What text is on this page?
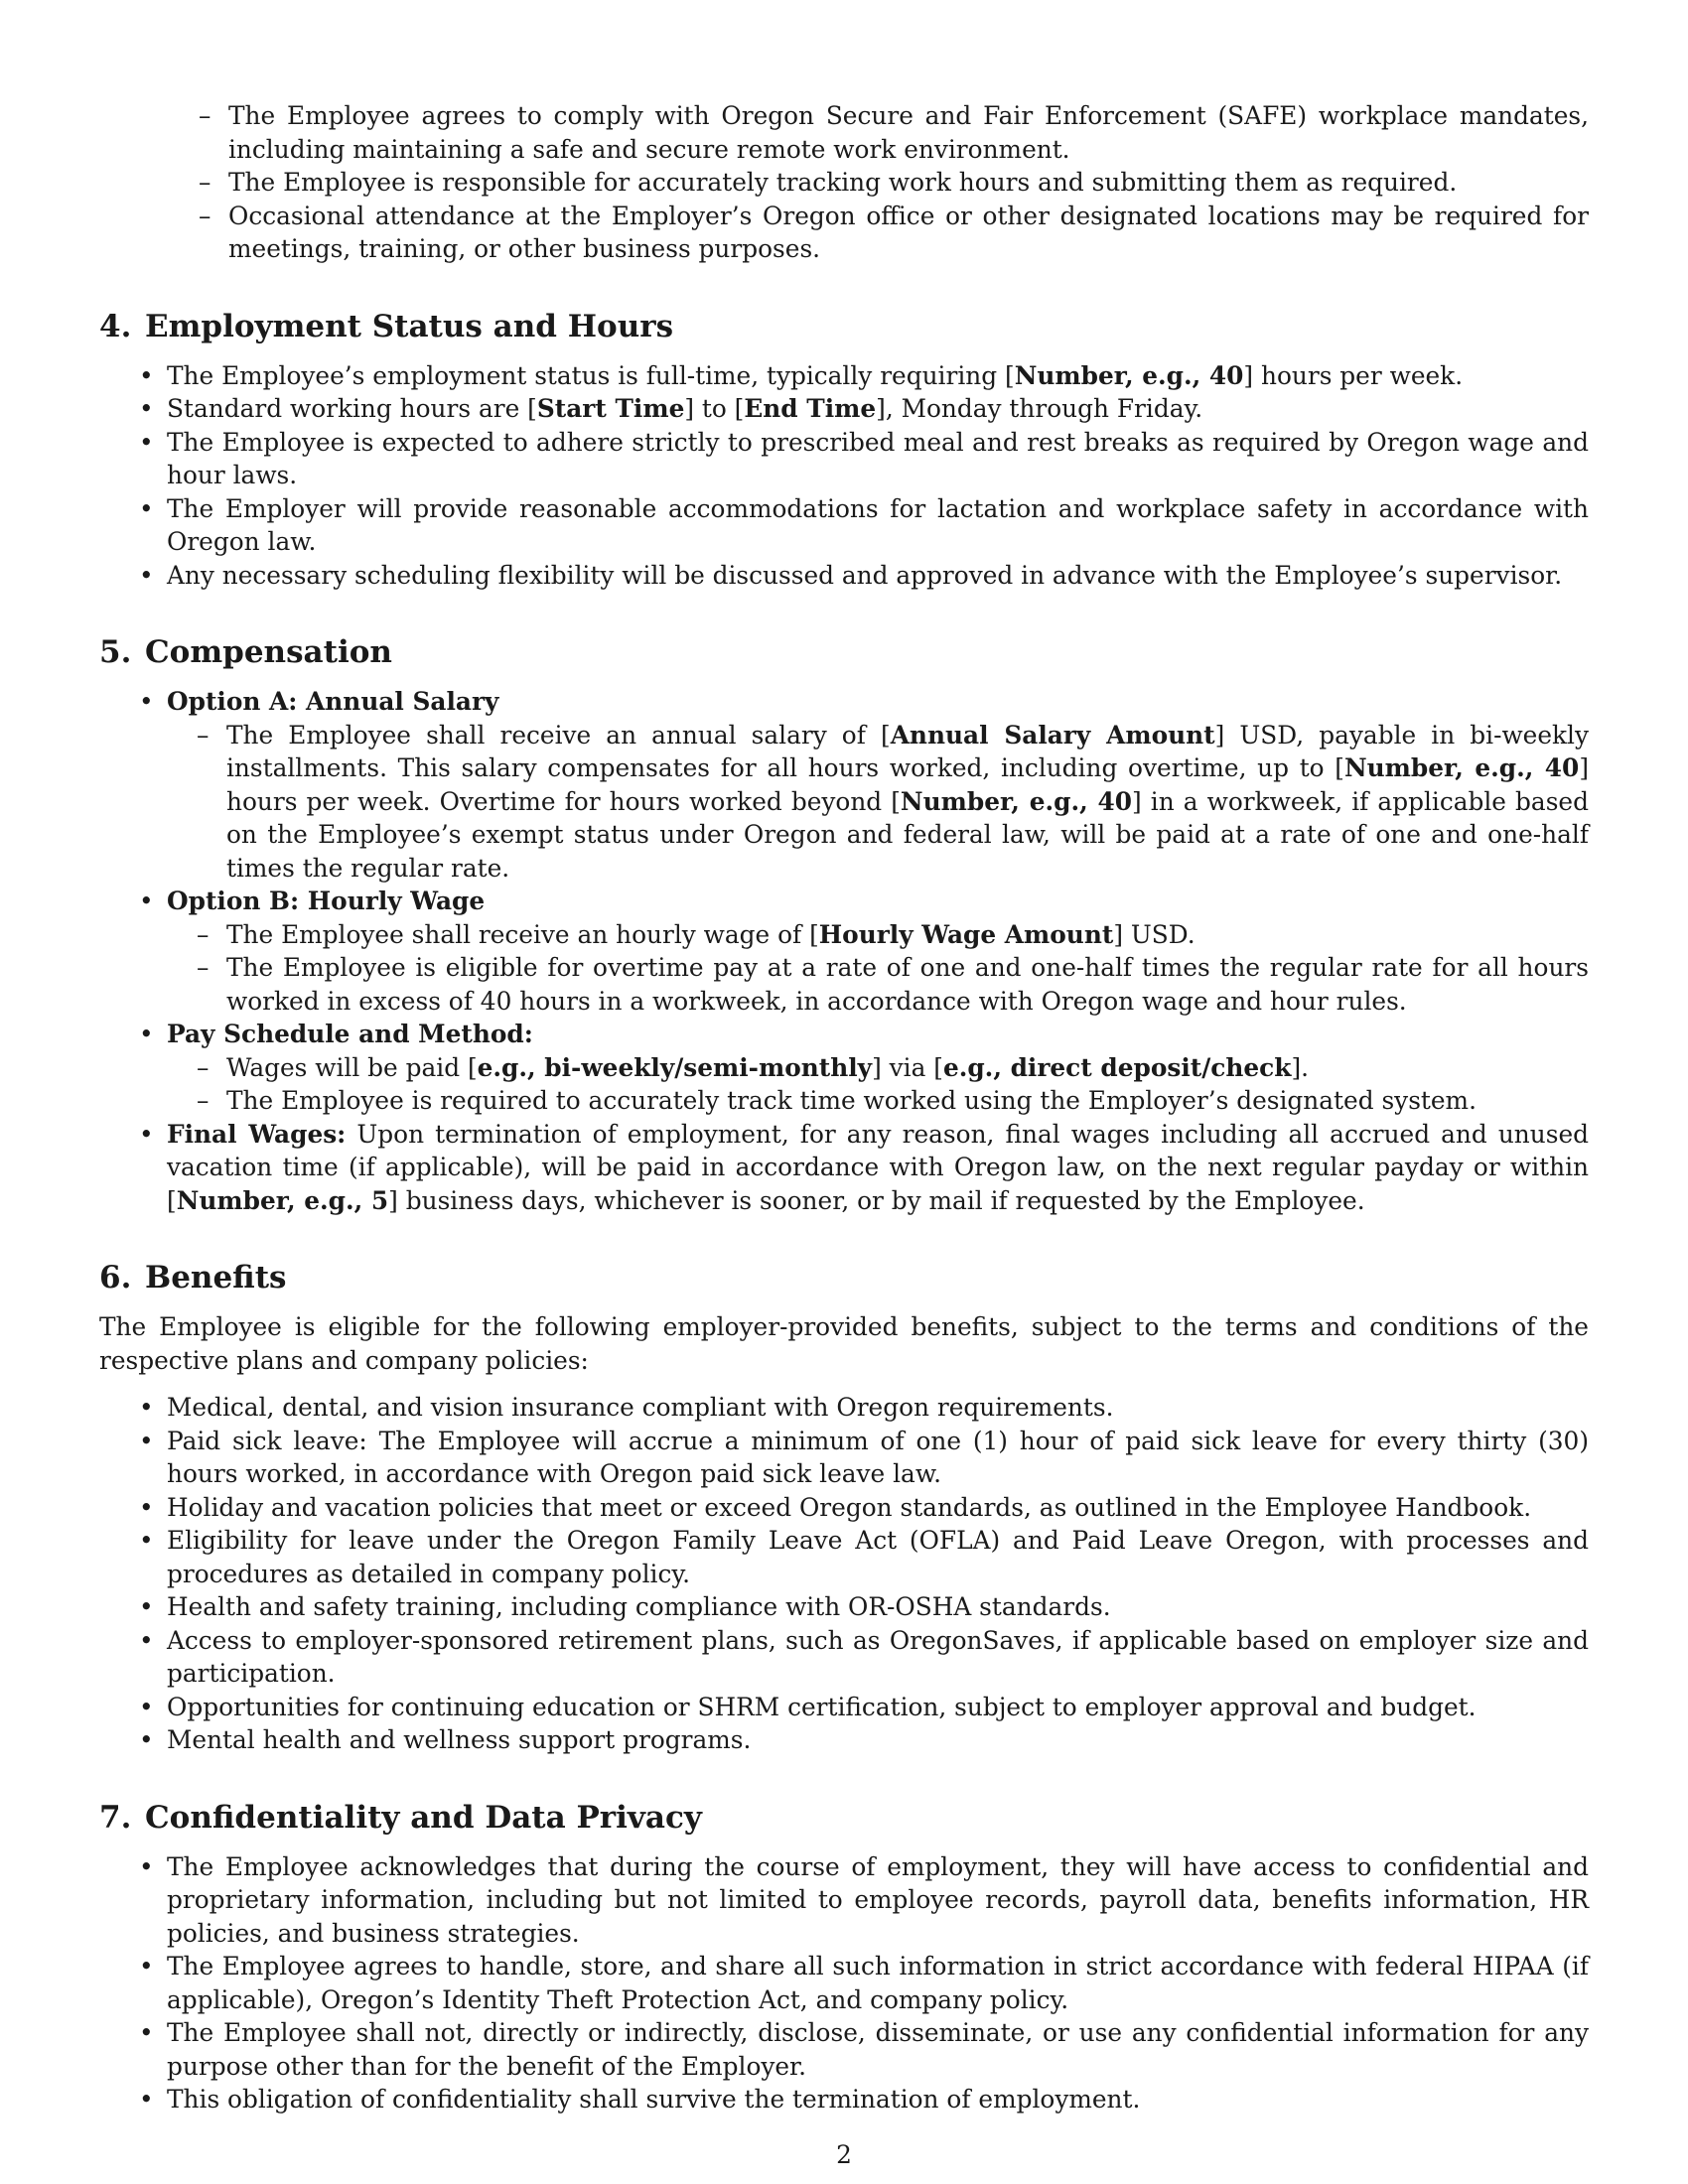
– The Employee agrees to comply with Oregon Secure and Fair Enforcement (SAFE) workplace mandates, including maintaining a safe and secure remote work environment.
– The Employee is responsible for accurately tracking work hours and submitting them as required.
– Occasional attendance at the Employer’s Oregon office or other designated locations may be required for meetings, training, or other business purposes.
4. Employment Status and Hours
• The Employee’s employment status is full-time, typically requiring [Number, e.g., 40] hours per week.
• Standard working hours are [Start Time] to [End Time], Monday through Friday.
• The Employee is expected to adhere strictly to prescribed meal and rest breaks as required by Oregon wage and hour laws.
• The Employer will provide reasonable accommodations for lactation and workplace safety in accordance with Oregon law.
• Any necessary scheduling flexibility will be discussed and approved in advance with the Employee’s supervisor.
5. Compensation
• Option A: Annual Salary
– The Employee shall receive an annual salary of [Annual Salary Amount] USD, payable in bi-weekly installments. This salary compensates for all hours worked, including overtime, up to [Number, e.g., 40] hours per week. Overtime for hours worked beyond [Number, e.g., 40] in a workweek, if applicable based on the Employee’s exempt status under Oregon and federal law, will be paid at a rate of one and one-half times the regular rate.
• Option B: Hourly Wage
– The Employee shall receive an hourly wage of [Hourly Wage Amount] USD.
– The Employee is eligible for overtime pay at a rate of one and one-half times the regular rate for all hours worked in excess of 40 hours in a workweek, in accordance with Oregon wage and hour rules.
• Pay Schedule and Method:
– Wages will be paid [e.g., bi-weekly/semi-monthly] via [e.g., direct deposit/check].
– The Employee is required to accurately track time worked using the Employer’s designated system.
• Final Wages: Upon termination of employment, for any reason, final wages including all accrued and unused vacation time (if applicable), will be paid in accordance with Oregon law, on the next regular payday or within [Number, e.g., 5] business days, whichever is sooner, or by mail if requested by the Employee.
6. Benefits

The Employee is eligible for the following employer-provided benefits, subject to the terms and conditions of the respective plans and company policies:

• Medical, dental, and vision insurance compliant with Oregon requirements.
• Paid sick leave: The Employee will accrue a minimum of one (1) hour of paid sick leave for every thirty (30) hours worked, in accordance with Oregon paid sick leave law.
• Holiday and vacation policies that meet or exceed Oregon standards, as outlined in the Employee Handbook.
• Eligibility for leave under the Oregon Family Leave Act (OFLA) and Paid Leave Oregon, with processes and procedures as detailed in company policy.
• Health and safety training, including compliance with OR-OSHA standards.
• Access to employer-sponsored retirement plans, such as OregonSaves, if applicable based on employer size and participation.
• Opportunities for continuing education or SHRM certification, subject to employer approval and budget.
• Mental health and wellness support programs.
7. Confidentiality and Data Privacy
• The Employee acknowledges that during the course of employment, they will have access to confidential and proprietary information, including but not limited to employee records, payroll data, benefits information, HR policies, and business strategies.
• The Employee agrees to handle, store, and share all such information in strict accordance with federal HIPAA (if applicable), Oregon’s Identity Theft Protection Act, and company policy.
• The Employee shall not, directly or indirectly, disclose, disseminate, or use any confidential information for any purpose other than for the benefit of the Employer.
• This obligation of confidentiality shall survive the termination of employment.
2
